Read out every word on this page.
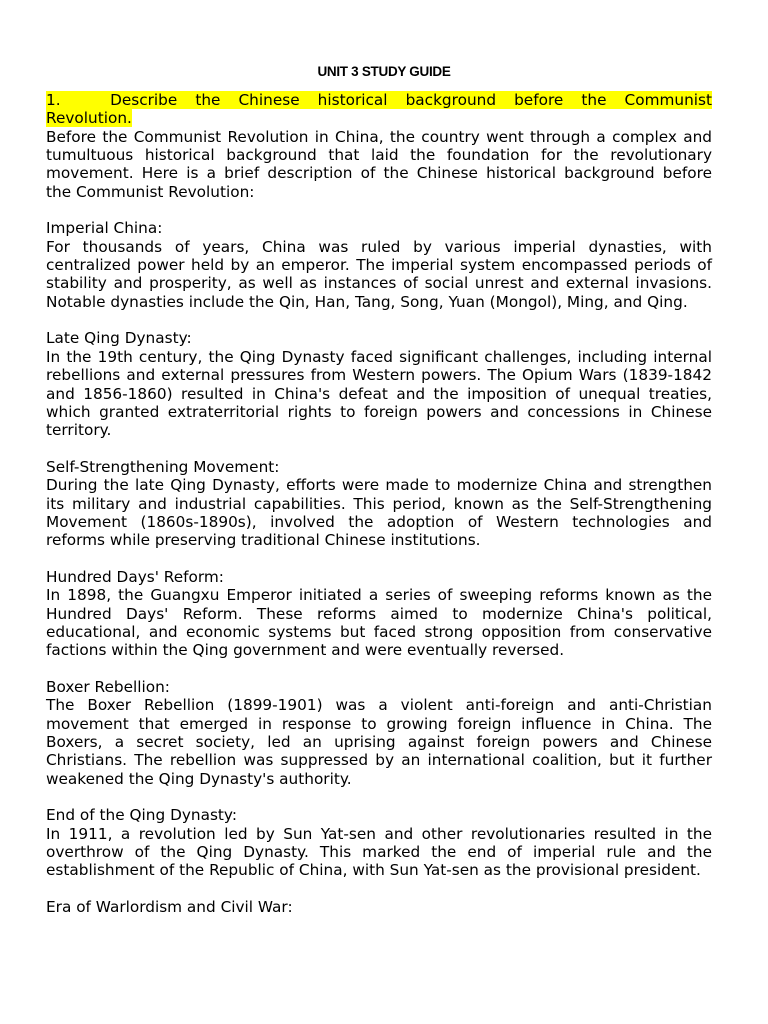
UNIT 3 STUDY GUIDE
1.	Describe the Chinese historical background before the Communist
Revolution.
Before the Communist Revolution in China, the country went through a complex and
tumultuous historical background that laid the foundation for the revolutionary
movement. Here is a brief description of the Chinese historical background before
the Communist Revolution:
Imperial China:
For thousands of years, China was ruled by various imperial dynasties, with
centralized power held by an emperor. The imperial system encompassed periods of
stability and prosperity, as well as instances of social unrest and external invasions.
Notable dynasties include the Qin, Han, Tang, Song, Yuan (Mongol), Ming, and Qing.
Late Qing Dynasty:
In the 19th century, the Qing Dynasty faced significant challenges, including internal
rebellions and external pressures from Western powers. The Opium Wars (1839-1842
and 1856-1860) resulted in China's defeat and the imposition of unequal treaties,
which granted extraterritorial rights to foreign powers and concessions in Chinese
territory.
Self-Strengthening Movement:
During the late Qing Dynasty, efforts were made to modernize China and strengthen
its military and industrial capabilities. This period, known as the Self-Strengthening
Movement (1860s-1890s), involved the adoption of Western technologies and
reforms while preserving traditional Chinese institutions.
Hundred Days' Reform:
In 1898, the Guangxu Emperor initiated a series of sweeping reforms known as the
Hundred Days' Reform. These reforms aimed to modernize China's political,
educational, and economic systems but faced strong opposition from conservative
factions within the Qing government and were eventually reversed.
Boxer Rebellion:
The Boxer Rebellion (1899-1901) was a violent anti-foreign and anti-Christian
movement that emerged in response to growing foreign influence in China. The
Boxers, a secret society, led an uprising against foreign powers and Chinese
Christians. The rebellion was suppressed by an international coalition, but it further
weakened the Qing Dynasty's authority.
End of the Qing Dynasty:
In 1911, a revolution led by Sun Yat-sen and other revolutionaries resulted in the
overthrow of the Qing Dynasty. This marked the end of imperial rule and the
establishment of the Republic of China, with Sun Yat-sen as the provisional president.
Era of Warlordism and Civil War:
